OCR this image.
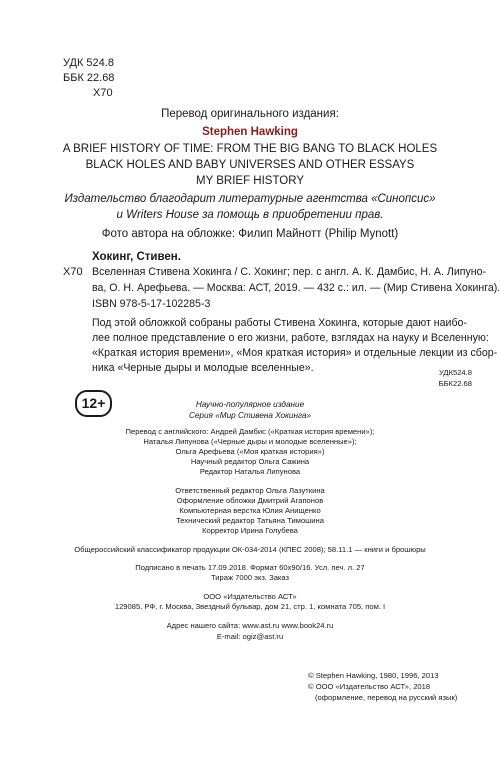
УДК 524.8
ББК 22.68
Х70
Перевод оригинального издания:
Stephen Hawking
A BRIEF HISTORY OF TIME: FROM THE BIG BANG TO BLACK HOLES
BLACK HOLES AND BABY UNIVERSES AND OTHER ESSAYS
MY BRIEF HISTORY
Издательство благодарит литературные агентства «Синопсис»
и Writers House за помощь в приобретении прав.
Фото автора на обложке: Филип Майнотт (Philip Mynott)
Хокинг, Стивен.
Х70 Вселенная Стивена Хокинга / С. Хокинг; пер. с англ. А. К. Дамбис, Н. А. Липуно-
ва, О. Н. Арефьева. — Москва: АСТ, 2019. — 432 с.: ил. — (Мир Стивена Хокинга).
ISBN 978-5-17-102285-3
Под этой обложкой собраны работы Стивена Хокинга, которые дают наибо-
лее полное представление о его жизни, работе, взглядах на науку и Вселенную:
«Краткая история времени», «Моя краткая история» и отдельные лекции из сбор-
ника «Черные дыры и молодые вселенные».	УДК524.8
ББК22.68
12+	Научно-популярное издание
Серия «Мир Стивена Хокинга»
Перевод с английского: Андрей Дамбис («Краткая история времени»);
Наталья Липунова («Черные дыры и молодые вселенные»);
Ольга Арефьева («Моя краткая история»)
Научный редактор Ольга Сажина
Редактор Наталья Липунова
Ответственный редактор Ольга Лазуткина
Оформление обложки Дмитрий Агапонов
Компьютерная верстка Юлия Анищенко
Технический редактор Татьяна Тимошина
Корректор Ирина Голубева
Общероссийский классификатор продукции ОК-034-2014 (КПЕС 2008); 58.11.1 — книги и брошюры
Подписано в печать 17.09.2018. Формат 60х90/16. Усл. печ. л. 27
Тираж 7000 экз. Заказ
ООО «Издательство АСТ»
129085, РФ, г. Москва, Звездный бульвар, дом 21, стр. 1, комната 705, пом. I
Адрес нашего сайта: www.ast.ru www.book24.ru
E-mail: ogiz@ast.ru
© Stephen Hawking, 1980, 1996, 2013
© ООО «Издательство АСТ», 2018
(оформление, перевод на русский язык)
